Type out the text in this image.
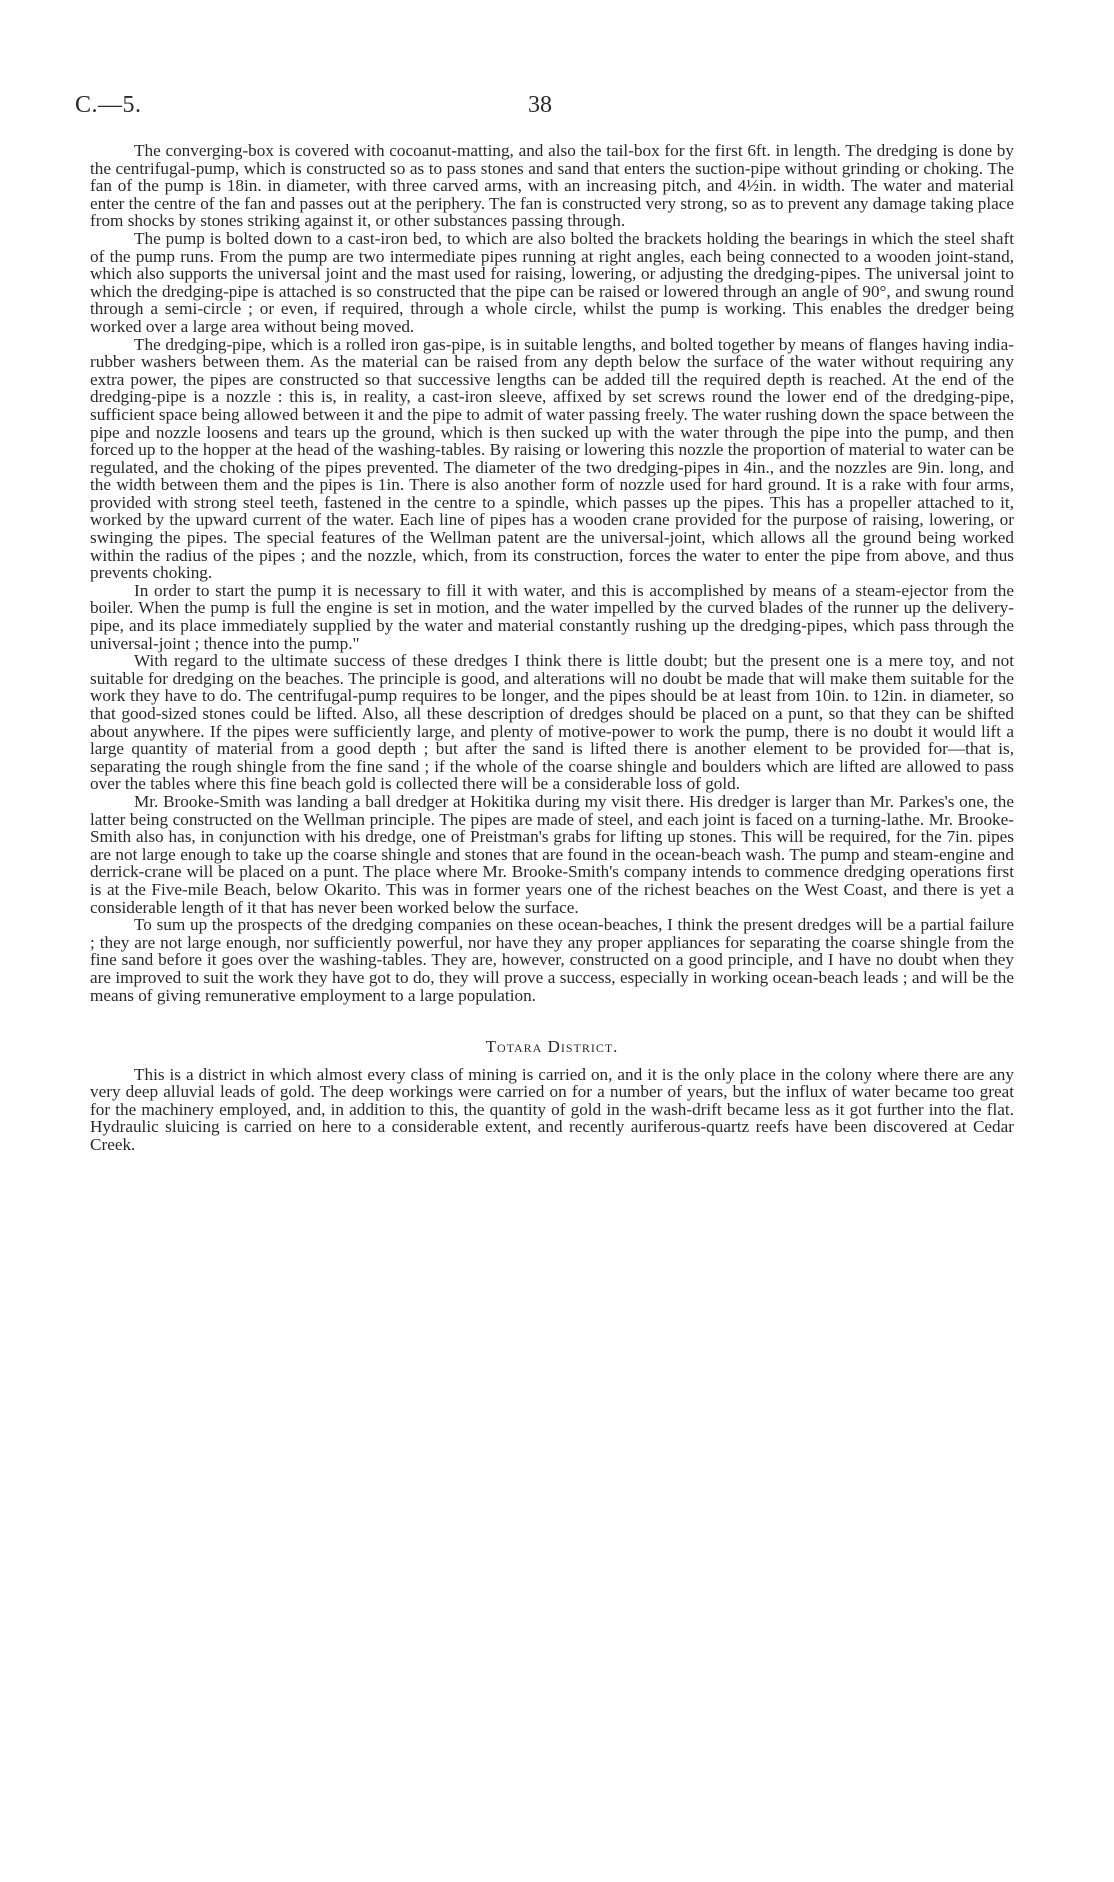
C.—5.	38

The converging-box is covered with cocoanut-matting, and also the tail-box for the first 6ft. in length. The dredging is done by the centrifugal-pump, which is constructed so as to pass stones and sand that enters the suction-pipe without grinding or choking. The fan of the pump is 18in. in diameter, with three carved arms, with an increasing pitch, and 4½in. in width. The water and material enter the centre of the fan and passes out at the periphery. The fan is constructed very strong, so as to prevent any damage taking place from shocks by stones striking against it, or other substances passing through.

The pump is bolted down to a cast-iron bed, to which are also bolted the brackets holding the bearings in which the steel shaft of the pump runs. From the pump are two intermediate pipes running at right angles, each being connected to a wooden joint-stand, which also supports the universal joint and the mast used for raising, lowering, or adjusting the dredging-pipes. The universal joint to which the dredging-pipe is attached is so constructed that the pipe can be raised or lowered through an angle of 90°, and swung round through a semi-circle ; or even, if required, through a whole circle, whilst the pump is working. This enables the dredger being worked over a large area without being moved.

The dredging-pipe, which is a rolled iron gas-pipe, is in suitable lengths, and bolted together by means of flanges having india-rubber washers between them. As the material can be raised from any depth below the surface of the water without requiring any extra power, the pipes are constructed so that successive lengths can be added till the required depth is reached. At the end of the dredging-pipe is a nozzle : this is, in reality, a cast-iron sleeve, affixed by set screws round the lower end of the dredging-pipe, sufficient space being allowed between it and the pipe to admit of water passing freely. The water rushing down the space between the pipe and nozzle loosens and tears up the ground, which is then sucked up with the water through the pipe into the pump, and then forced up to the hopper at the head of the washing-tables. By raising or lowering this nozzle the proportion of material to water can be regulated, and the choking of the pipes prevented. The diameter of the two dredging-pipes in 4in., and the nozzles are 9in. long, and the width between them and the pipes is 1in. There is also another form of nozzle used for hard ground. It is a rake with four arms, provided with strong steel teeth, fastened in the centre to a spindle, which passes up the pipes. This has a propeller attached to it, worked by the upward current of the water. Each line of pipes has a wooden crane provided for the purpose of raising, lowering, or swinging the pipes. The special features of the Wellman patent are the universal-joint, which allows all the ground being worked within the radius of the pipes ; and the nozzle, which, from its construction, forces the water to enter the pipe from above, and thus prevents choking.

In order to start the pump it is necessary to fill it with water, and this is accomplished by means of a steam-ejector from the boiler. When the pump is full the engine is set in motion, and the water impelled by the curved blades of the runner up the delivery-pipe, and its place immediately supplied by the water and material constantly rushing up the dredging-pipes, which pass through the universal-joint ; thence into the pump."

With regard to the ultimate success of these dredges I think there is little doubt; but the present one is a mere toy, and not suitable for dredging on the beaches. The principle is good, and alterations will no doubt be made that will make them suitable for the work they have to do. The centrifugal-pump requires to be longer, and the pipes should be at least from 10in. to 12in. in diameter, so that good-sized stones could be lifted. Also, all these description of dredges should be placed on a punt, so that they can be shifted about anywhere. If the pipes were sufficiently large, and plenty of motive-power to work the pump, there is no doubt it would lift a large quantity of material from a good depth ; but after the sand is lifted there is another element to be provided for—that is, separating the rough shingle from the fine sand ; if the whole of the coarse shingle and boulders which are lifted are allowed to pass over the tables where this fine beach gold is collected there will be a considerable loss of gold.

Mr. Brooke-Smith was landing a ball dredger at Hokitika during my visit there. His dredger is larger than Mr. Parkes's one, the latter being constructed on the Wellman principle. The pipes are made of steel, and each joint is faced on a turning-lathe. Mr. Brooke-Smith also has, in conjunction with his dredge, one of Preistman's grabs for lifting up stones. This will be required, for the 7in. pipes are not large enough to take up the coarse shingle and stones that are found in the ocean-beach wash. The pump and steam-engine and derrick-crane will be placed on a punt. The place where Mr. Brooke-Smith's company intends to commence dredging operations first is at the Five-mile Beach, below Okarito. This was in former years one of the richest beaches on the West Coast, and there is yet a considerable length of it that has never been worked below the surface.

To sum up the prospects of the dredging companies on these ocean-beaches, I think the present dredges will be a partial failure ; they are not large enough, nor sufficiently powerful, nor have they any proper appliances for separating the coarse shingle from the fine sand before it goes over the washing-tables. They are, however, constructed on a good principle, and I have no doubt when they are improved to suit the work they have got to do, they will prove a success, especially in working ocean-beach leads ; and will be the means of giving remunerative employment to a large population.

Totara District.

This is a district in which almost every class of mining is carried on, and it is the only place in the colony where there are any very deep alluvial leads of gold. The deep workings were carried on for a number of years, but the influx of water became too great for the machinery employed, and, in addition to this, the quantity of gold in the wash-drift became less as it got further into the flat. Hydraulic sluicing is carried on here to a considerable extent, and recently auriferous-quartz reefs have been discovered at Cedar Creek.
